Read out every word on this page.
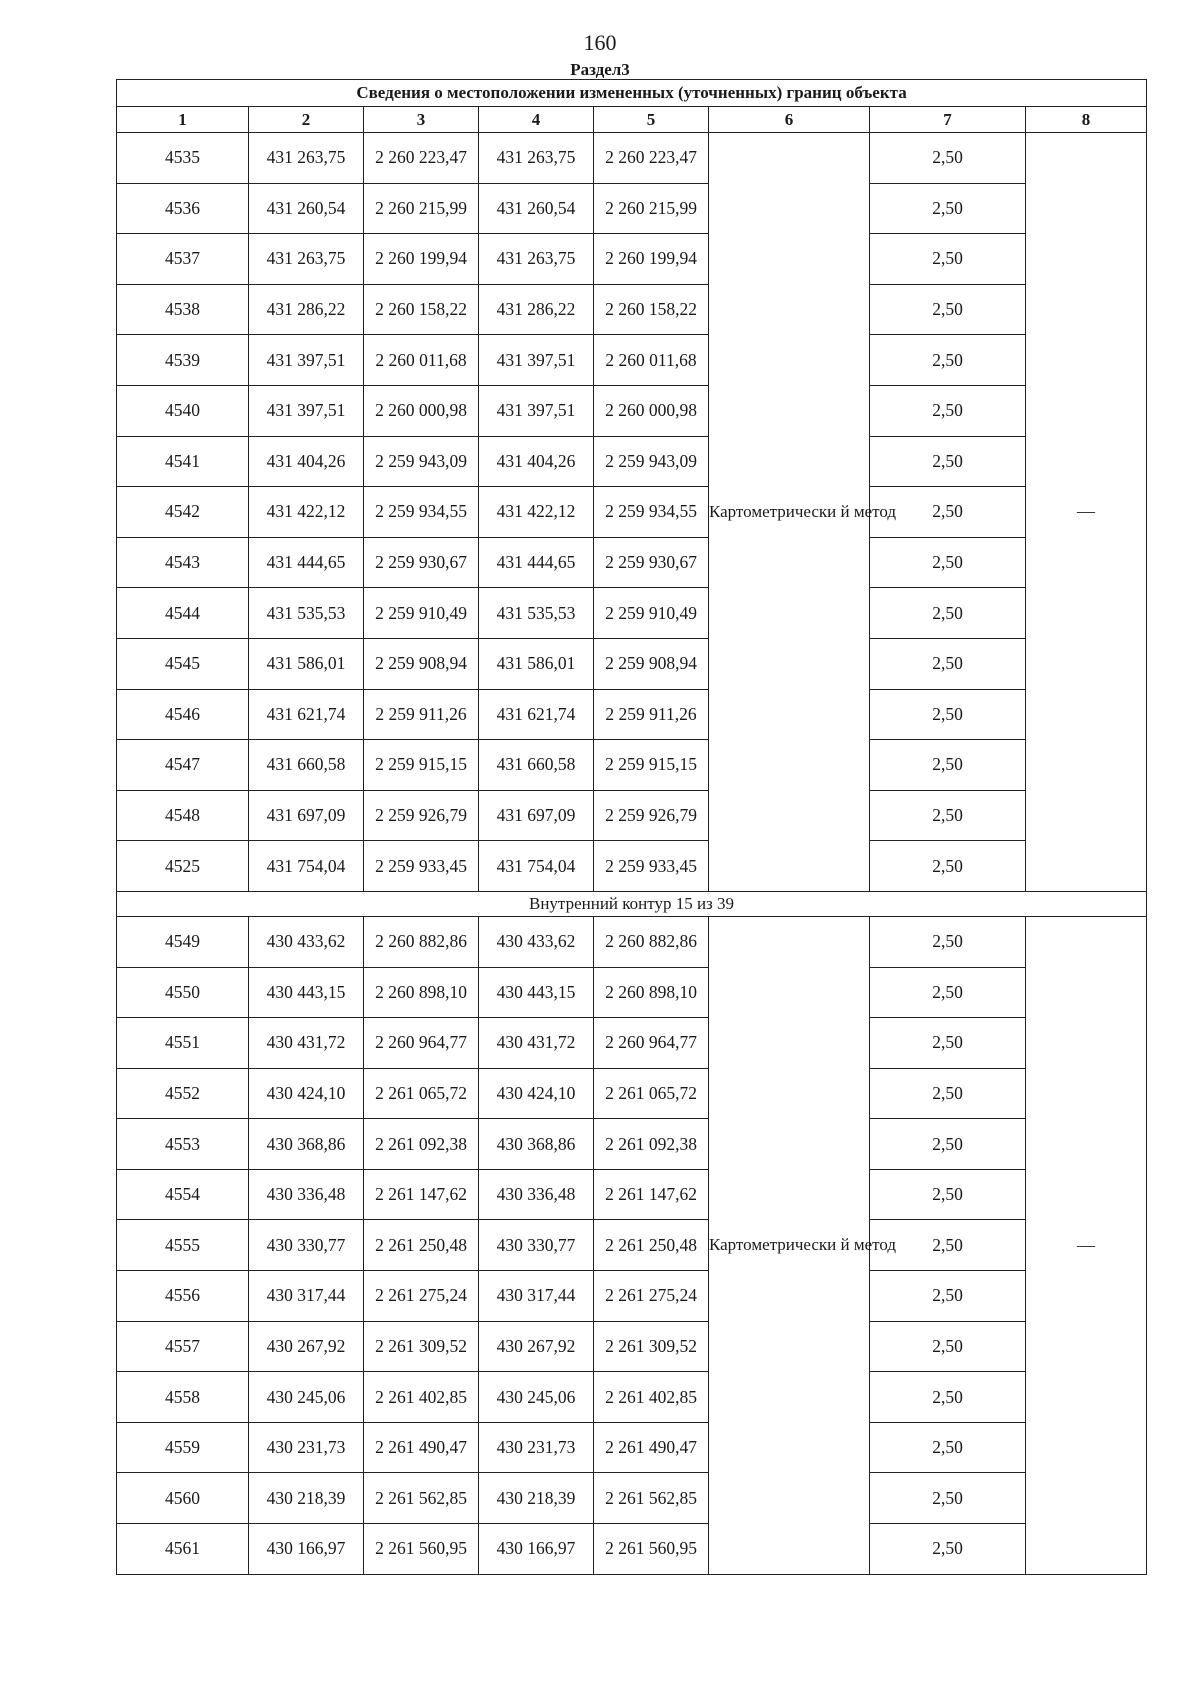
160
Раздел3
Сведения о местоположении измененных (уточненных) границ объекта							
1	2	3	4	5	6	7	8
4535	431 263,75	2 260 223,47	431 263,75	2 260 223,47	Картометрически й метод	2,50	—
4536	431 260,54	2 260 215,99	431 260,54	2 260 215,99		2,50	
4537	431 263,75	2 260 199,94	431 263,75	2 260 199,94		2,50	
4538	431 286,22	2 260 158,22	431 286,22	2 260 158,22		2,50	
4539	431 397,51	2 260 011,68	431 397,51	2 260 011,68		2,50	
4540	431 397,51	2 260 000,98	431 397,51	2 260 000,98		2,50	
4541	431 404,26	2 259 943,09	431 404,26	2 259 943,09		2,50	
4542	431 422,12	2 259 934,55	431 422,12	2 259 934,55		2,50	
4543	431 444,65	2 259 930,67	431 444,65	2 259 930,67		2,50	
4544	431 535,53	2 259 910,49	431 535,53	2 259 910,49		2,50	
4545	431 586,01	2 259 908,94	431 586,01	2 259 908,94		2,50	
4546	431 621,74	2 259 911,26	431 621,74	2 259 911,26		2,50	
4547	431 660,58	2 259 915,15	431 660,58	2 259 915,15		2,50	
4548	431 697,09	2 259 926,79	431 697,09	2 259 926,79		2,50	
4525	431 754,04	2 259 933,45	431 754,04	2 259 933,45		2,50	
Внутренний контур 15 из 39							
4549	430 433,62	2 260 882,86	430 433,62	2 260 882,86	Картометрически й метод	2,50	—
4550	430 443,15	2 260 898,10	430 443,15	2 260 898,10		2,50	
4551	430 431,72	2 260 964,77	430 431,72	2 260 964,77		2,50	
4552	430 424,10	2 261 065,72	430 424,10	2 261 065,72		2,50	
4553	430 368,86	2 261 092,38	430 368,86	2 261 092,38		2,50	
4554	430 336,48	2 261 147,62	430 336,48	2 261 147,62		2,50	
4555	430 330,77	2 261 250,48	430 330,77	2 261 250,48		2,50	
4556	430 317,44	2 261 275,24	430 317,44	2 261 275,24		2,50	
4557	430 267,92	2 261 309,52	430 267,92	2 261 309,52		2,50	
4558	430 245,06	2 261 402,85	430 245,06	2 261 402,85		2,50	
4559	430 231,73	2 261 490,47	430 231,73	2 261 490,47		2,50	
4560	430 218,39	2 261 562,85	430 218,39	2 261 562,85		2,50	
4561	430 166,97	2 261 560,95	430 166,97	2 261 560,95		2,50	
